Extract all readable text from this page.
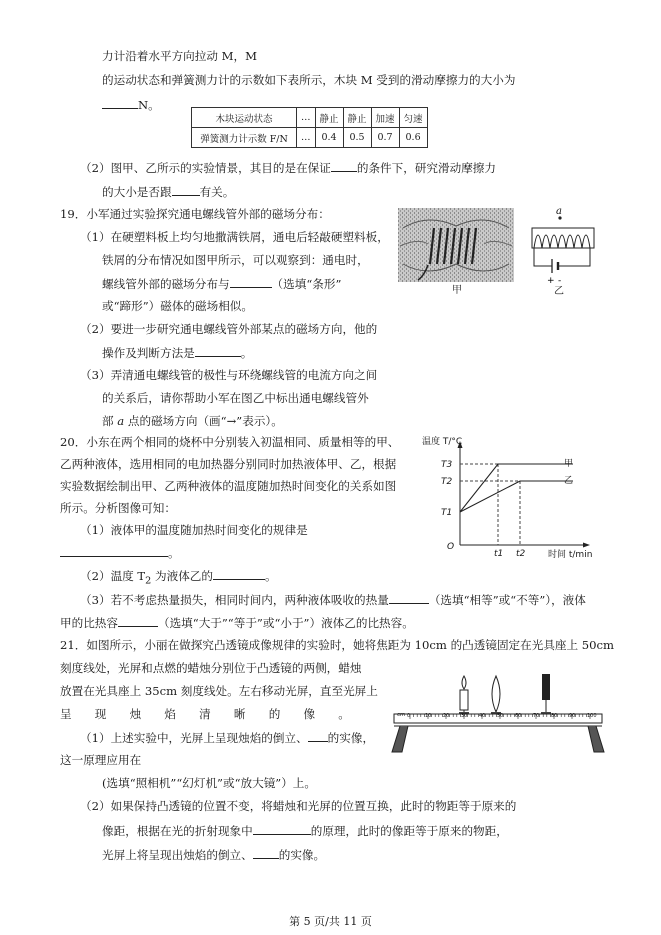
力计沿着水平方向拉动 M，M
的运动状态和弹簧测力计的示数如下表所示，木块 M 受到的滑动摩擦力的大小为
N。
木块运动状态	…	静止	静止	加速	匀速
弹簧测力计示数 F/N	…	0.4	0.5	0.7	0.6
（2）图甲、乙所示的实验情景，其目的是在保证 的条件下，研究滑动摩擦力
的大小是否跟 有关。
19．小军通过实验探究通电螺线管外部的磁场分布：
（1）在硬塑料板上均匀地撒满铁屑，通电后轻敲硬塑料板，
铁屑的分布情况如图甲所示，可以观察到：通电时，
螺线管外部的磁场分布与	（选填“条形”
或“蹄形”）磁体的磁场相似。
（2）要进一步研究通电螺线管外部某点的磁场方向，他的
操作及判断方法是	。
（3）弄清通电螺线管的极性与环绕螺线管的电流方向之间
的关系后，请你帮助小军在图乙中标出通电螺线管外
部 a 点的磁场方向（画“→”表示）。
甲
+ -
a
乙
20．小东在两个相同的烧杯中分别装入初温相同、质量相等的甲、
乙两种液体，选用相同的电加热器分别同时加热液体甲、乙，根据
实验数据绘制出甲、乙两种液体的温度随加热时间变化的关系如图
所示。分析图像可知：
（1）液体甲的温度随加热时间变化的规律是
。
（2）温度 $T_2$ 为液体乙的	。
（3）若不考虑热量损失，相同时间内，两种液体吸收的热量	（选填“相等”或“不等”），液体
甲的比热容	（选填“大于”“等于”或“小于”）液体乙的比热容。
温度 T/°C
T3
T2
T1
O
t1 t2	时间 t/min
甲
乙
21．如图所示，小丽在做探究凸透镜成像规律的实验时，她将焦距为 10cm 的凸透镜固定在光具座上 50cm
刻度线处，光屏和点燃的蜡烛分别位于凸透镜的两侧，蜡烛
放置在光具座上 35cm 刻度线处。左右移动光屏，直至光屏上
呈　　现　　烛　　焰　　清　　晰　　的　　像　　。
（1）上述实验中，光屏上呈现烛焰的倒立、 的实像，
这一原理应用在
(选填“照相机”“幻灯机”或“放大镜”）上。
（2）如果保持凸透镜的位置不变，将蜡烛和光屏的位置互换，此时的物距等于原来的
像距，根据在光的折射现象中	的原理，此时的像距等于原来的物距，
光屏上将呈现出烛焰的倒立、 的实像。
cm 0	10 20 30 40 50 60 70 80 90 100
第 5 页/共 11 页
